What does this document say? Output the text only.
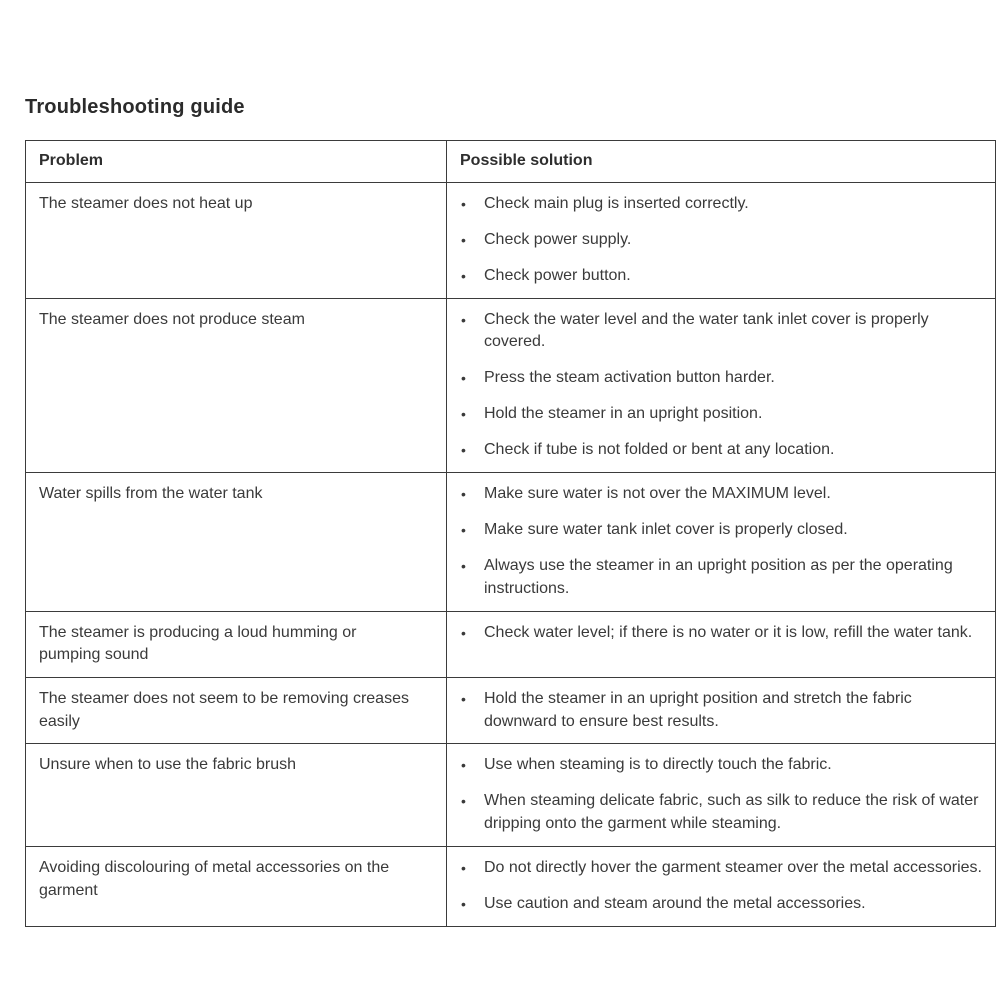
Troubleshooting guide
Problem	Possible solution
The steamer does not heat up	•	Check main plug is inserted correctly.
•	Check power supply.
•	Check power button.

The steamer does not produce steam	•	Check the water level and the water tank inlet cover is properly covered.
•	Press the steam activation button harder.
•	Hold the steamer in an upright position.
•	Check if tube is not folded or bent at any location.

Water spills from the water tank	•	Make sure water is not over the MAXIMUM level.
•	Make sure water tank inlet cover is properly closed.
•	Always use the steamer in an upright position as per the operating instructions.

The steamer is producing a loud humming or pumping sound	
•	Check water level; if there is no water or it is low, refill the water tank.

The steamer does not seem to be removing creases easily	
•	Hold the steamer in an upright position and stretch the fabric downward to ensure best results.

Unsure when to use the fabric brush	•	Use when steaming is to directly touch the fabric.
•	When steaming delicate fabric, such as silk to reduce the risk of water dripping onto the garment while steaming.

Avoiding discolouring of metal accessories on the garment	
•	Do not directly hover the garment steamer over the metal accessories.
•	Use caution and steam around the metal accessories.
